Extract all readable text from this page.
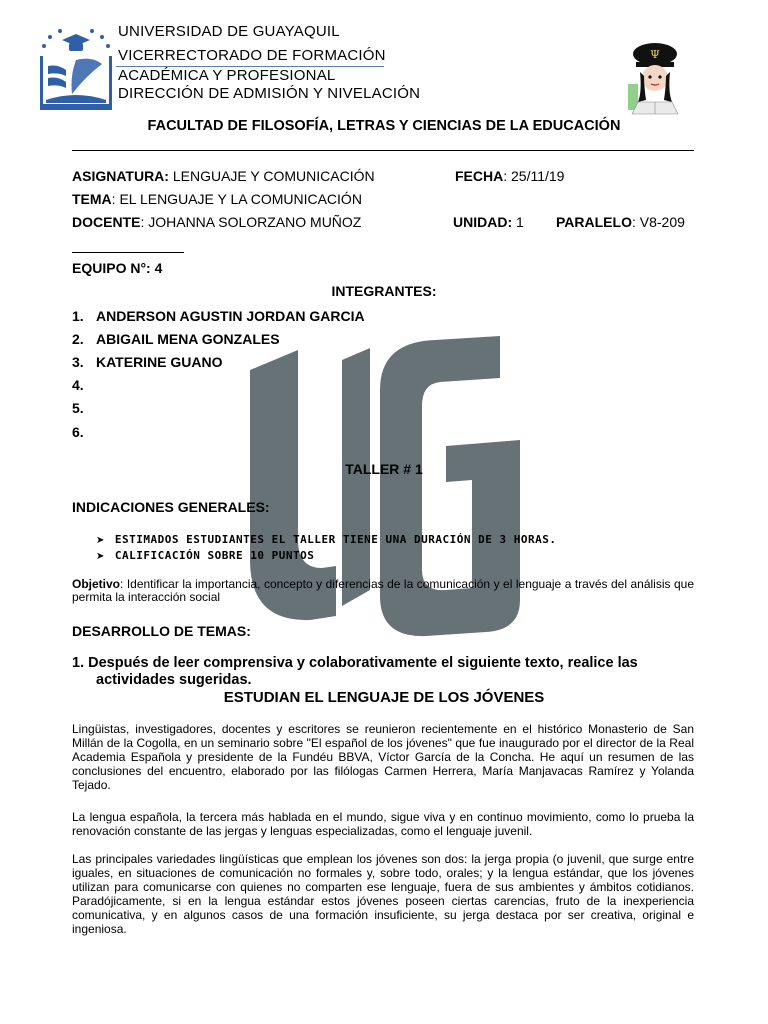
Ψ
UNIVERSIDAD DE GUAYAQUIL
VICERRECTORADO DE FORMACIÓN
ACADÉMICA Y PROFESIONAL
DIRECCIÓN DE ADMISIÓN Y NIVELACIÓN
FACULTAD DE FILOSOFÍA, LETRAS Y CIENCIAS DE LA EDUCACIÓN
ASIGNATURA: LENGUAJE Y COMUNICACIÓN	FECHA: 25/11/19
TEMA: EL LENGUAJE Y LA COMUNICACIÓN
DOCENTE: JOHANNA SOLORZANO MUÑOZ	UNIDAD: 1 PARALELO: V8-209
EQUIPO N°: 4
INTEGRANTES:
1. ANDERSON AGUSTIN JORDAN GARCIA
2. ABIGAIL MENA GONZALES
3. KATERINE GUANO
4.
5.
6.
TALLER # 1
INDICACIONES GENERALES:
➤ ESTIMADOS ESTUDIANTES EL TALLER TIENE UNA DURACIÓN DE 3 HORAS.
➤ CALIFICACIÓN SOBRE 10 PUNTOS
Objetivo: Identificar la importancia, concepto y diferencias de la comunicación y el lenguaje a través del análisis que permita la interacción social
DESARROLLO DE TEMAS:
1. Después de leer comprensiva y colaborativamente el siguiente texto, realice las
actividades sugeridas.
ESTUDIAN EL LENGUAJE DE LOS JÓVENES
Lingüistas, investigadores, docentes y escritores se reunieron recientemente en el histórico Monasterio de San Millán de la Cogolla, en un seminario sobre "El español de los jóvenes" que fue inaugurado por el director de la Real Academia Española y presidente de la Fundéu BBVA, Víctor García de la Concha. He aquí un resumen de las conclusiones del encuentro, elaborado por las filólogas Carmen Herrera, María Manjavacas Ramírez y Yolanda Tejado.
La lengua española, la tercera más hablada en el mundo, sigue viva y en continuo movimiento, como lo prueba la renovación constante de las jergas y lenguas especializadas, como el lenguaje juvenil.
Las principales variedades lingüísticas que emplean los jóvenes son dos: la jerga propia (o juvenil, que surge entre iguales, en situaciones de comunicación no formales y, sobre todo, orales; y la lengua estándar, que los jóvenes utilizan para comunicarse con quienes no comparten ese lenguaje, fuera de sus ambientes y ámbitos cotidianos. Paradójicamente, si en la lengua estándar estos jóvenes poseen ciertas carencias, fruto de la inexperiencia comunicativa, y en algunos casos de una formación insuficiente, su jerga destaca por ser creativa, original e ingeniosa.
